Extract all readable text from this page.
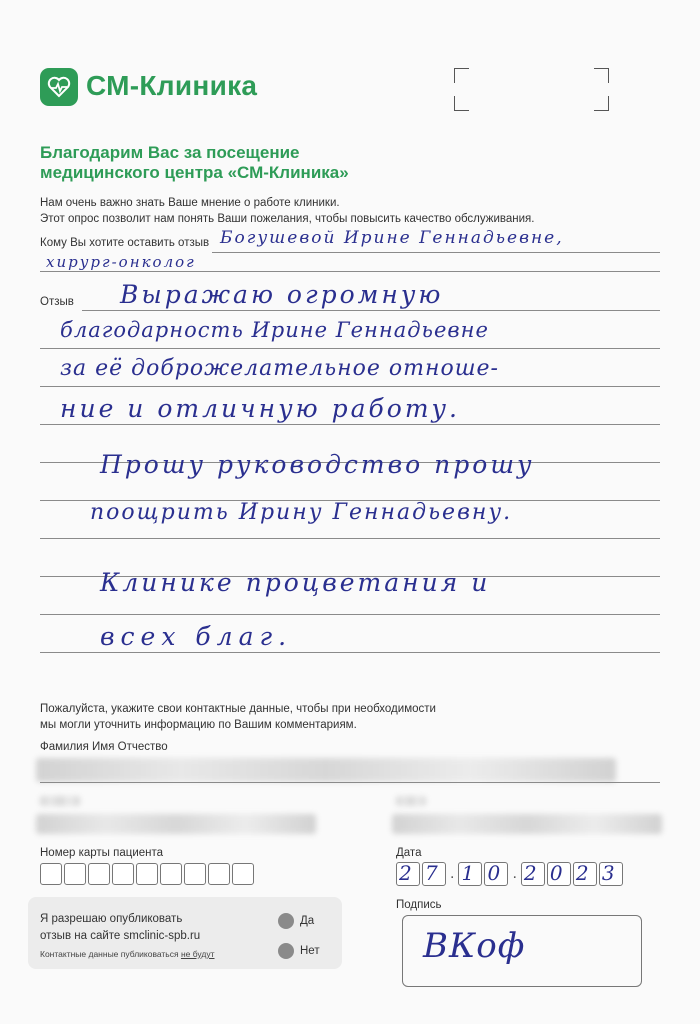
СМ-Клиника
Благодарим Вас за посещение
медицинского центра «СМ-Клиника»
Нам очень важно знать Ваше мнение о работе клиники.
Этот опрос позволит нам понять Ваши пожелания, чтобы повысить качество обслуживания.
Кому Вы хотите оставить отзыв Богушевой Ирине Геннадьевне,
хирург-онколог
Отзыв Выражаю огромную
благодарность Ирине Геннадьевне
за её доброжелательное отноше-
ние и отличную работу.
Прошу руководство прошу
поощрить Ирину Геннадьевну.
Клинике процветания и
всех благ.
Пожалуйста, укажите свои контактные данные, чтобы при необходимости
мы могли уточнить информацию по Вашим комментариям.
Фамилия Имя Отчество
Номер карты пациента	Дата
2 7 . 1 0 . 2 0 2 3
Я разрешаю опубликовать
отзыв на сайте smclinic-spb.ru
Контактные данные публиковаться не будут
Да
Нет
Подпись
ВКоф
